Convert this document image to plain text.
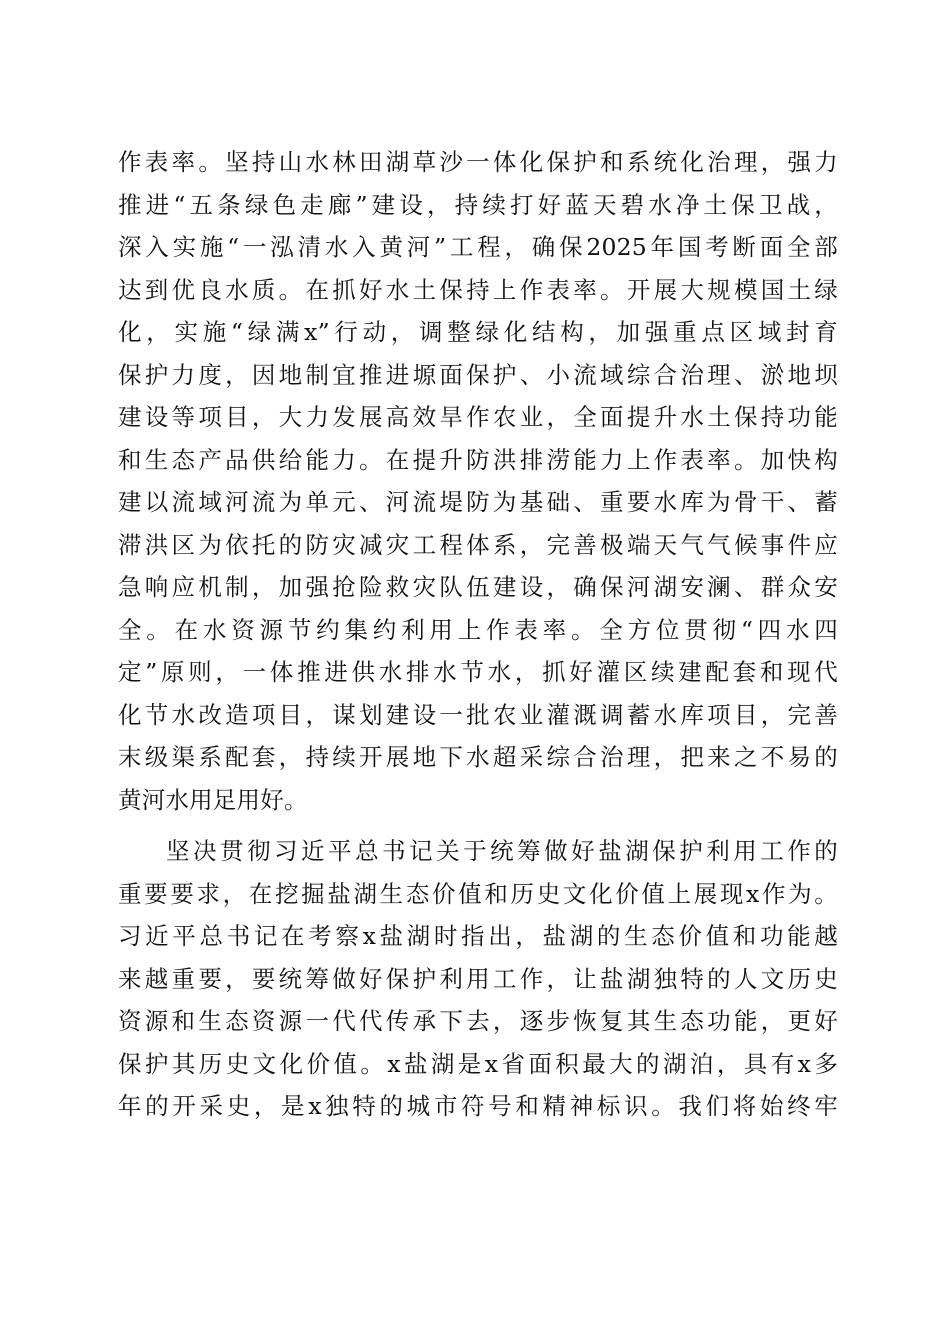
作表率。坚持山水林田湖草沙一体化保护和系统化治理，强力
推进“五条绿色走廊”建设，持续打好蓝天碧水净土保卫战，
深入实施“一泓清水入黄河”工程，确保2025年国考断面全部
达到优良水质。在抓好水土保持上作表率。开展大规模国土绿
化，实施“绿满x”行动，调整绿化结构，加强重点区域封育
保护力度，因地制宜推进塬面保护、小流域综合治理、淤地坝
建设等项目，大力发展高效旱作农业，全面提升水土保持功能
和生态产品供给能力。在提升防洪排涝能力上作表率。加快构
建以流域河流为单元、河流堤防为基础、重要水库为骨干、蓄
滞洪区为依托的防灾减灾工程体系，完善极端天气气候事件应
急响应机制，加强抢险救灾队伍建设，确保河湖安澜、群众安
全。在水资源节约集约利用上作表率。全方位贯彻“四水四
定”原则，一体推进供水排水节水，抓好灌区续建配套和现代
化节水改造项目，谋划建设一批农业灌溉调蓄水库项目，完善
末级渠系配套，持续开展地下水超采综合治理，把来之不易的
黄河水用足用好。
坚决贯彻习近平总书记关于统筹做好盐湖保护利用工作的
重要要求，在挖掘盐湖生态价值和历史文化价值上展现x作为。
习近平总书记在考察x盐湖时指出，盐湖的生态价值和功能越
来越重要，要统筹做好保护利用工作，让盐湖独特的人文历史
资源和生态资源一代代传承下去，逐步恢复其生态功能，更好
保护其历史文化价值。x盐湖是x省面积最大的湖泊，具有x多
年的开采史，是x独特的城市符号和精神标识。我们将始终牢
